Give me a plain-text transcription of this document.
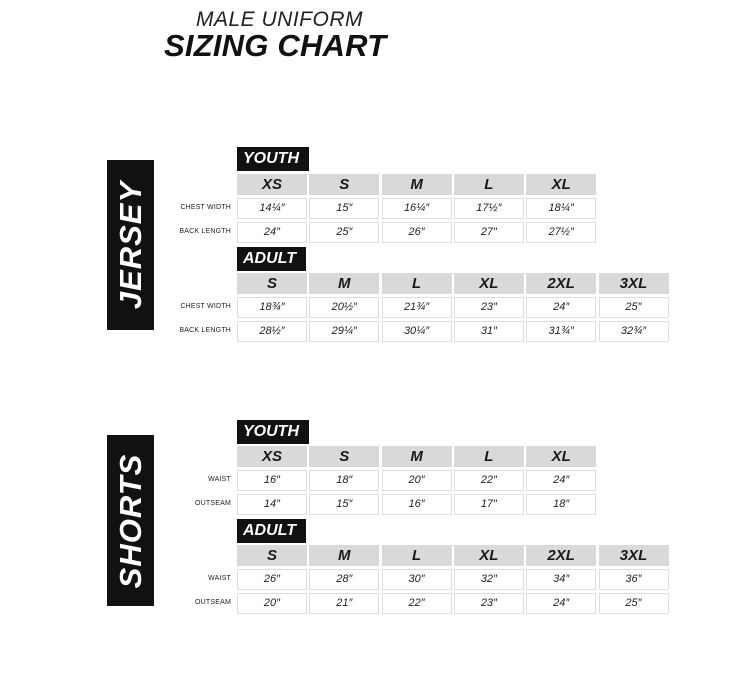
MALE UNIFORM
SIZING CHART
JERSEY
YOUTH
XS	S	M	L	XL
CHEST WIDTH	14¼″	15″	16¼″	17½″	18¼″
BACK LENGTH	24″	25″	26″	27″	27½″
ADULT
S	M	L	XL	2XL	3XL
CHEST WIDTH	18¾″	20½″	21¾″	23″	24″	25″
BACK LENGTH	28½″	29¼″	30¼″	31″	31¾″	32¾″
SHORTS
YOUTH
XS	S	M	L	XL
WAIST	16″	18″	20″	22″	24″
OUTSEAM	14″	15″	16″	17″	18″
ADULT
S	M	L	XL	2XL	3XL
WAIST	26″	28″	30″	32″	34″	36″
OUTSEAM	20″	21″	22″	23″	24″	25″
